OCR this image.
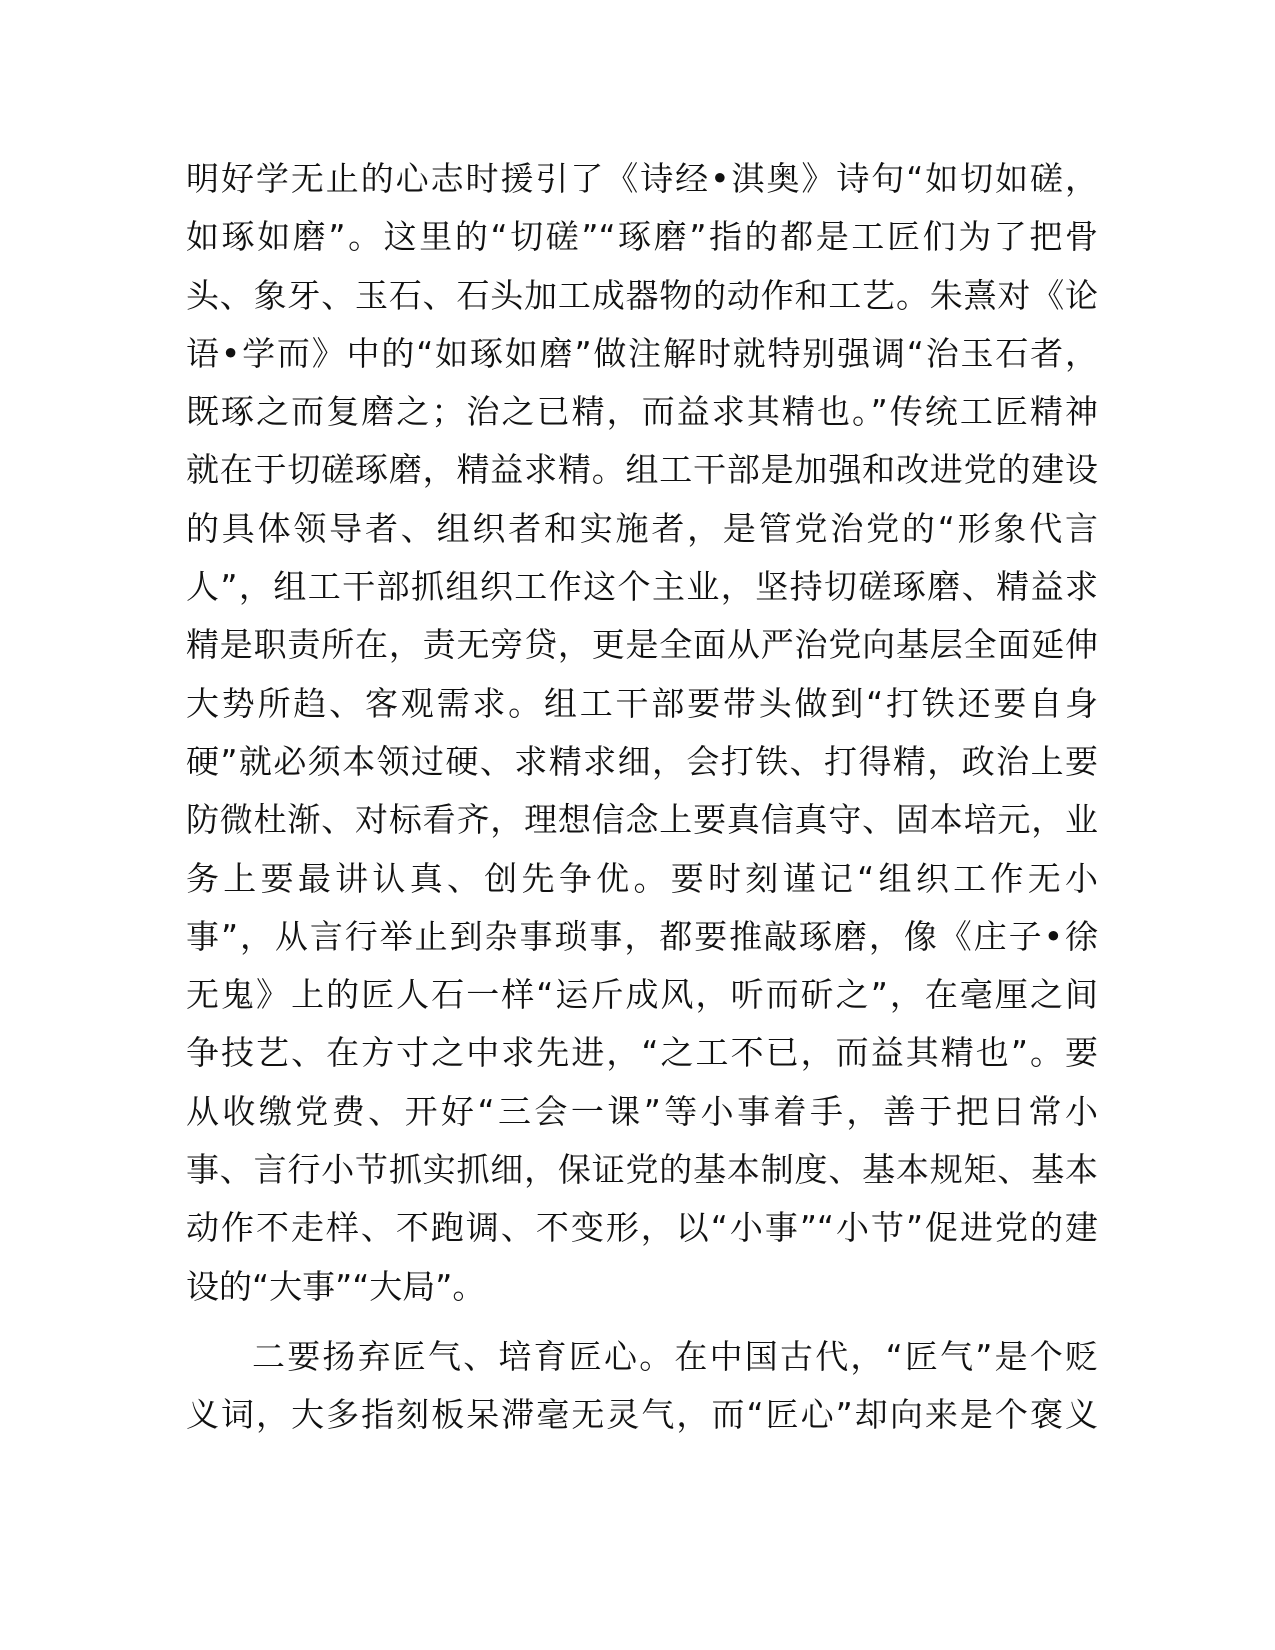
明好学无止的心志时援引了《诗经•淇奥》诗句“如切如磋，
如琢如磨”。这里的“切磋”“琢磨”指的都是工匠们为了把骨
头、象牙、玉石、石头加工成器物的动作和工艺。朱熹对《论
语•学而》中的“如琢如磨”做注解时就特别强调“治玉石者，
既琢之而复磨之；治之已精，而益求其精也。”传统工匠精神
就在于切磋琢磨，精益求精。组工干部是加强和改进党的建设
的具体领导者、组织者和实施者，是管党治党的“形象代言
人”，组工干部抓组织工作这个主业，坚持切磋琢磨、精益求
精是职责所在，责无旁贷，更是全面从严治党向基层全面延伸
大势所趋、客观需求。组工干部要带头做到“打铁还要自身
硬”就必须本领过硬、求精求细，会打铁、打得精，政治上要
防微杜渐、对标看齐，理想信念上要真信真守、固本培元，业
务上要最讲认真、创先争优。要时刻谨记“组织工作无小
事”，从言行举止到杂事琐事，都要推敲琢磨，像《庄子•徐
无鬼》上的匠人石一样“运斤成风，听而斫之”，在毫厘之间
争技艺、在方寸之中求先进，“之工不已，而益其精也”。要
从收缴党费、开好“三会一课”等小事着手，善于把日常小
事、言行小节抓实抓细，保证党的基本制度、基本规矩、基本
动作不走样、不跑调、不变形，以“小事”“小节”促进党的建
设的“大事”“大局”。
二要扬弃匠气、培育匠心。在中国古代，“匠气”是个贬
义词，大多指刻板呆滞毫无灵气，而“匠心”却向来是个褒义
